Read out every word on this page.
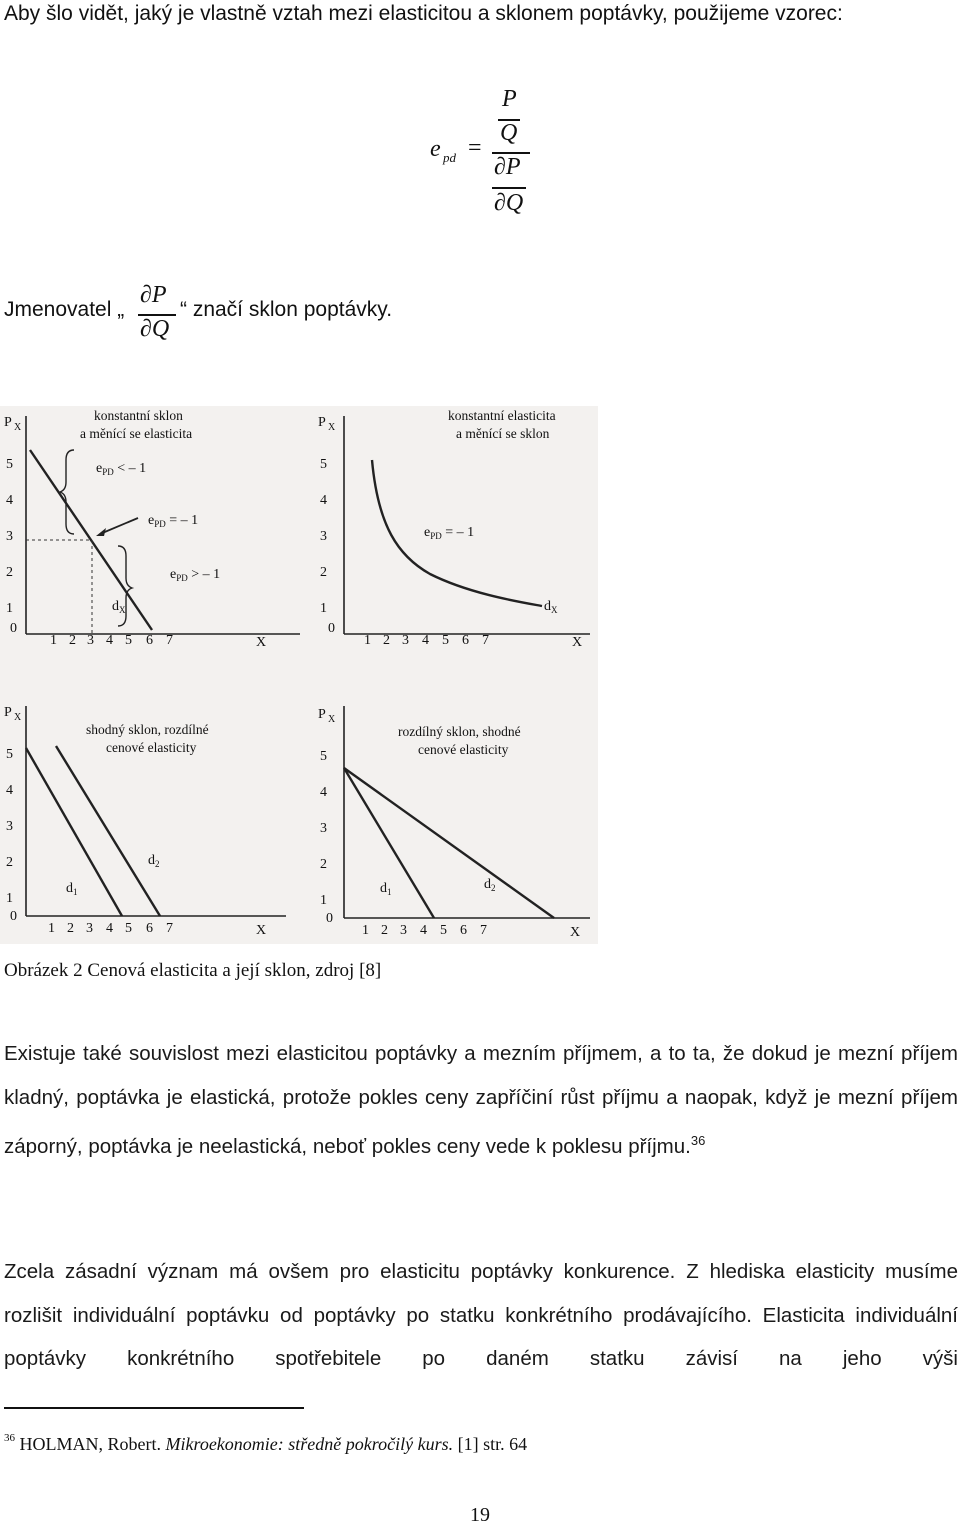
Aby šlo vidět, jaký je vlastně vztah mezi elasticitou a sklonem poptávky, použijeme vzorec:
e pd =
P
Q
∂P
∂Q
Jmenovatel „
∂P
∂Q
“ značí sklon poptávky.
P X
konstantní sklon
a měnící se elasticita
5
4
3
2
1
0
1 2 3 4 5 6 7	X
$e_{PD}$ < – 1
$e_{PD}$ = – 1
$e_{PD}$ > – 1
$d_X$
P X
konstantní elasticita
a měnící se sklon
5
4
3
2
1
0
1 2 3 4 5 6 7	X
$e_{PD}$ = – 1
$d_X$
P X
shodný sklon, rozdílné
cenové elasticity
5
4
3
2
1
0
1 2 3 4 5 6 7	X
$d_1$
$d_2$
P X
rozdílný sklon, shodné
cenové elasticity
5
4
3
2
1
0
1 2 3 4 5 6 7	X
$d_1$	$d_2$
Obrázek 2 Cenová elasticita a její sklon, zdroj [8]

Existuje také souvislost mezi elasticitou poptávky a mezním příjmem, a to ta, že dokud je mezní příjem kladný, poptávka je elastická, protože pokles ceny zapříčiní růst příjmu a naopak, když je mezní příjem záporný, poptávka je neelastická, neboť pokles ceny vede k poklesu příjmu.$^{36}$

Zcela zásadní význam má ovšem pro elasticitu poptávky konkurence. Z hlediska elasticity musíme rozlišit individuální poptávku od poptávky po statku konkrétního prodávajícího. Elasticita individuální poptávky konkrétního spotřebitele po daném statku závisí na jeho výši
$^{36}$ HOLMAN, Robert. Mikroekonomie: středně pokročilý kurs. [1] str. 64
19
